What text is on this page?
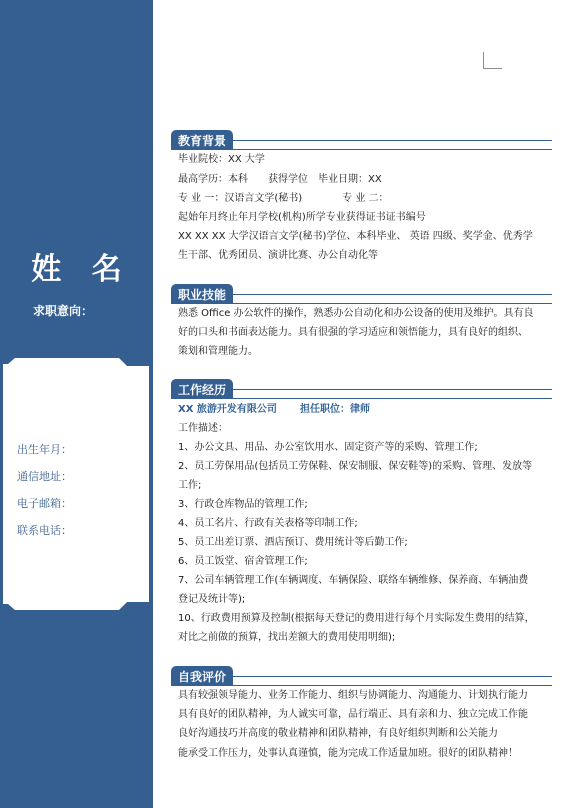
姓 名
求职意向：
出生年月：
通信地址：
电子邮箱：
联系电话：
教育背景
毕业院校：XX 大学
最高学历：本科　　获得学位　毕业日期：XX
专 业 一：汉语言文学(秘书)　　　　专 业 二：
起始年月终止年月学校(机构)所学专业获得证书证书编号
XX XX XX 大学汉语言文学(秘书)学位、本科毕业、 英语 四级、奖学金、优秀学
生干部、优秀团员、演讲比赛、办公自动化等
职业技能
熟悉 Office 办公软件的操作，熟悉办公自动化和办公设备的使用及维护。具有良
好的口头和书面表达能力。具有很强的学习适应和领悟能力，具有良好的组织、
策划和管理能力。
工作经历
XX 旅游开发有限公司 担任职位：律师
工作描述：
1、办公文具、用品、办公室饮用水、固定资产等的采购、管理工作;
2、员工劳保用品(包括员工劳保鞋、保安制服、保安鞋等)的采购、管理、发放等
工作;
3、行政仓库物品的管理工作;
4、员工名片、行政有关表格等印制工作;
5、员工出差订票、酒店预订、费用统计等后勤工作;
6、员工饭堂、宿舍管理工作;
7、公司车辆管理工作(车辆调度、车辆保险、联络车辆维修、保养商、车辆油费
登记及统计等);
10、行政费用预算及控制(根据每天登记的费用进行每个月实际发生费用的结算，
对比之前做的预算，找出差额大的费用使用明细);
自我评价
具有较强领导能力、业务工作能力、组织与协调能力、沟通能力、计划执行能力
具有良好的团队精神，为人诚实可靠，品行端正、具有亲和力、独立完成工作能
良好沟通技巧并高度的敬业精神和团队精神，有良好组织判断和公关能力
能承受工作压力，处事认真谨慎，能为完成工作适量加班。很好的团队精神！
